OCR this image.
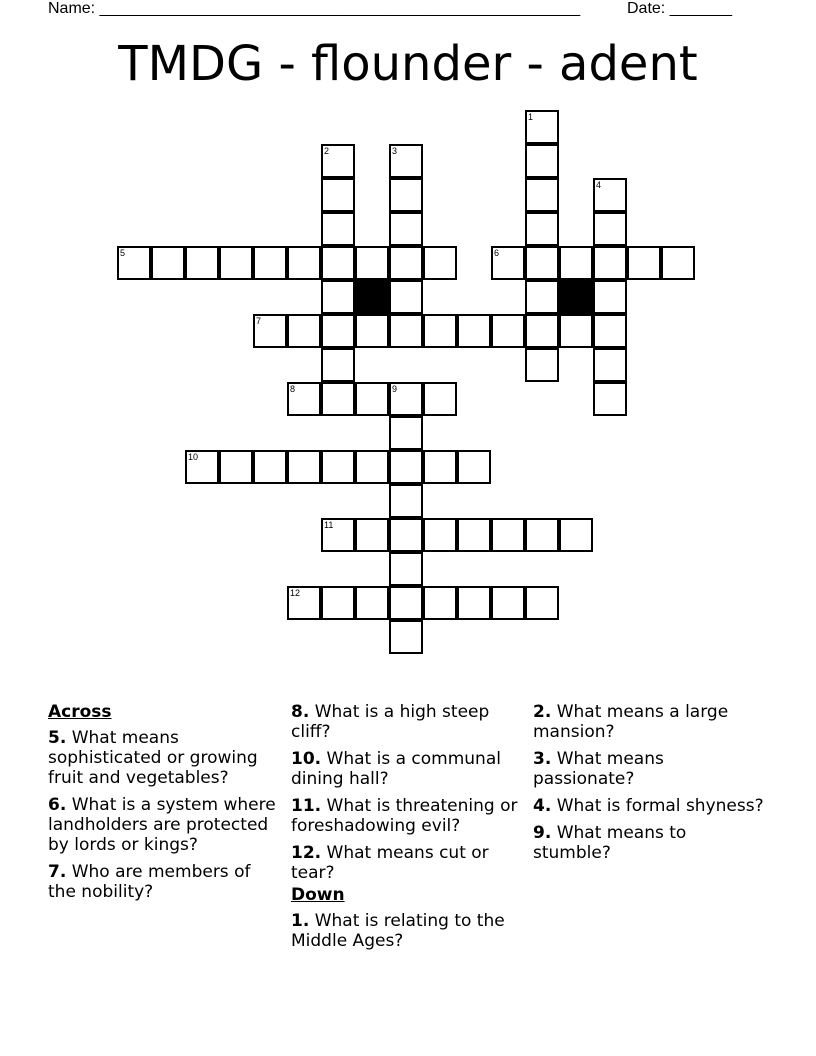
Name: ______________________________________________________	Date: _______
TMDG - flounder - adent
5	6
7
8	9
10
11
12
1
2	3
4
Across
5. What means sophisticated or growing fruit and vegetables?
6. What is a system where landholders are protected by lords or kings?
7. Who are members of the nobility?
8. What is a high steep cliff?
10. What is a communal dining hall?
11. What is threatening or foreshadowing evil?
12. What means cut or tear?
Down
1. What is relating to the Middle Ages?
2. What means a large mansion?
3. What means passionate?
4. What is formal shyness?
9. What means to stumble?
